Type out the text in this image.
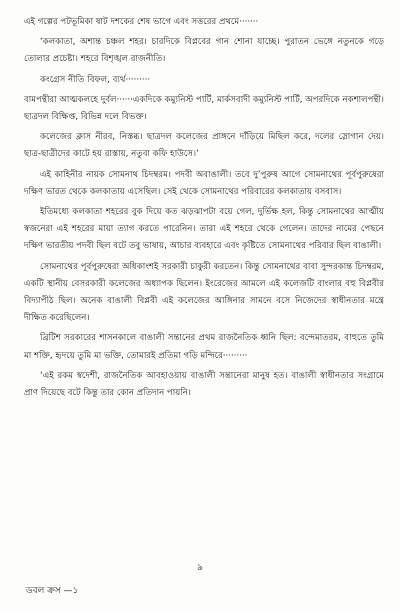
এই গল্পের পটভূমিকা ষাট দশকের শেষ ভাগে এবং সত্তরের প্রথমে·······

‘কলকাতা, অশান্ত চঞ্চল শহর। চারদিকে বিপ্লবের গান শোনা যাচ্ছে। পুরাতন ভেঙ্গে নতুনকে গড়ে তোলার প্রচেষ্টা। শহরে বিশৃঙ্খল রাজনীতি।

কংগ্রেস নীতি বিফল, ব্যর্থ·········

বামপন্থীরা আত্মকলহে দুর্বল······একদিকে কম্যুনিস্ট পার্টি, মার্কসবাদী কম্যুনিস্ট পার্টি, অপরদিকে নকশালপন্থী। ছাত্রদল বিক্ষিপ্ত, বিভিন্ন দলে বিভক্ত।

কলেজের ক্লাস নীরব, নিস্তব্ধ। ছাত্রদল কলেজের প্রাঙ্গনে দাঁড়িয়ে মিছিল করে, দলের স্লোগান দেয়। ছাত্র-ছাত্রীদের কাটে হয় রাস্তায়, নতুবা কফি হাউসে।’

এই কাহিনীর নায়ক সোমনাথ চিদম্বরম। পদবী অবাঙালী। তবে দু’পুরুষ আগে সোমনাথের পূর্বপুরুষেরা দক্ষিণ ভারত থেকে কলকাতায় এসেছিল। সেই থেকে সোমনাথের পরিবারের কলকাতায় বসবাস।

ইতিমধ্যে কলকাতা শহরের বুক দিয়ে কত ঝড়ঝাপটা বয়ে গেল, দুর্ভিক্ষ হল, কিন্তু সোমনাথের আত্মীয় স্বজনেরা এই শহরের মায়া ত্যাগ করতে পারেনিন। তারা এই শহরে থেকে গেলেন। তাদের নামের পেছনে দক্ষিণ ভারতীয় পদবী ছিল বটে তবু ভাষায়, আচার ব্যবহারে এবং কৃষ্টিতে সোমনাথের পরিবার ছিল বাঙালী।

সোমনাথের পূর্বপুরুষেরা অধিকাংশই সরকারী চাকুরী করতেন। কিন্তু সোমনাথের বাবা সুন্দরকান্ত চিদম্বরম, একটি স্থানীয় বেসরকারী কলেজের অধ্যাপক ছিলেন। ইংরেজের আমলে এই কলেজটি বাংলার বহু বিপ্লবীর বিদ্যাপীঠ ছিল। অনেক বাঙালী বিপ্লবী এই কলেজের আঙ্গিনার সামনে বসে নিজেদের স্বাধীনতার মন্ত্রে দীক্ষিত করেছিলেন।

ব্রিটিশ সরকারের শাসনকালে বাঙালী সন্তানের প্রথম রাজনৈতিক ধ্বনি ছিল: বন্দেমাতরম, বাহুতে তুমি মা শক্তি, হৃদয়ে তুমি মা ভক্তি, তোমারই প্রতিমা গড়ি মন্দিরে·········

‘এই রকম স্বদেশী, রাজনৈতিক আবহাওয়ায় বাঙালী সন্তানেরা মানুষ হত। বাঙালী স্বাধীনতার সংগ্রামে প্রাণ দিয়েছে বটে কিন্তু তার কোন প্রতিদান পায়নি।

৯
ডবল ক্রস —১
